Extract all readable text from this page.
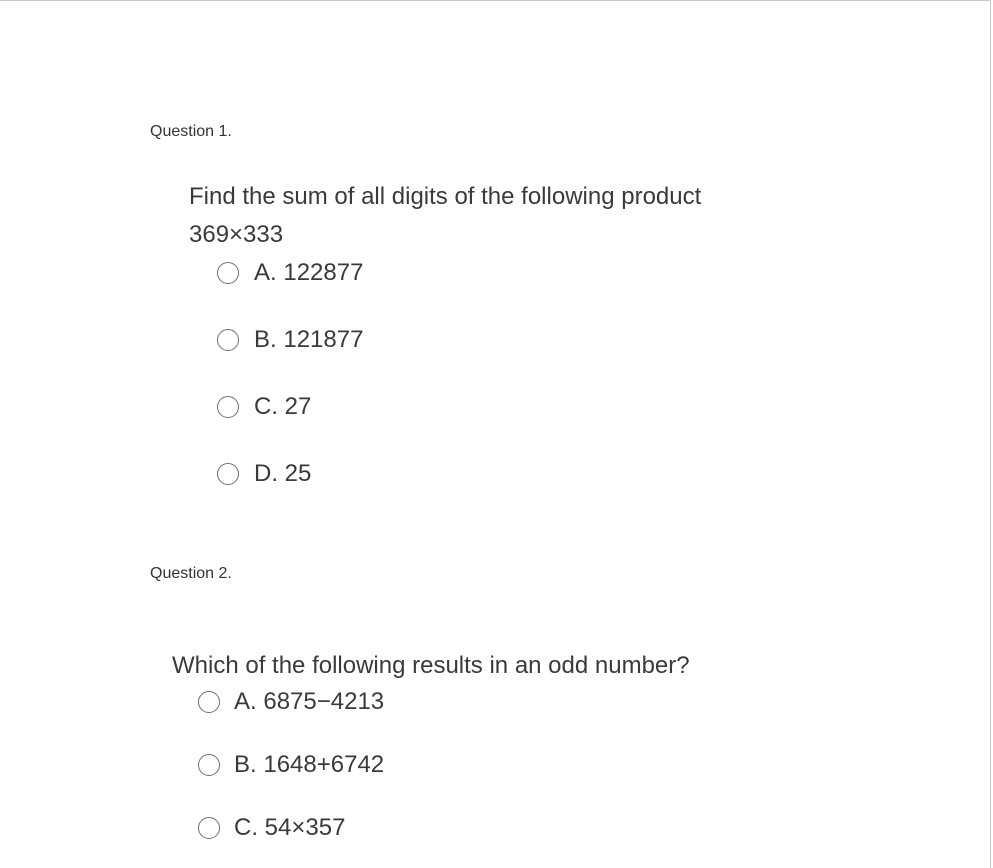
Question 1.
Find the sum of all digits of the following product
369×333
A. 122877
B. 121877
C. 27
D. 25
Question 2.
Which of the following results in an odd number?
A. 6875−4213
B. 1648+6742
C. 54×357
